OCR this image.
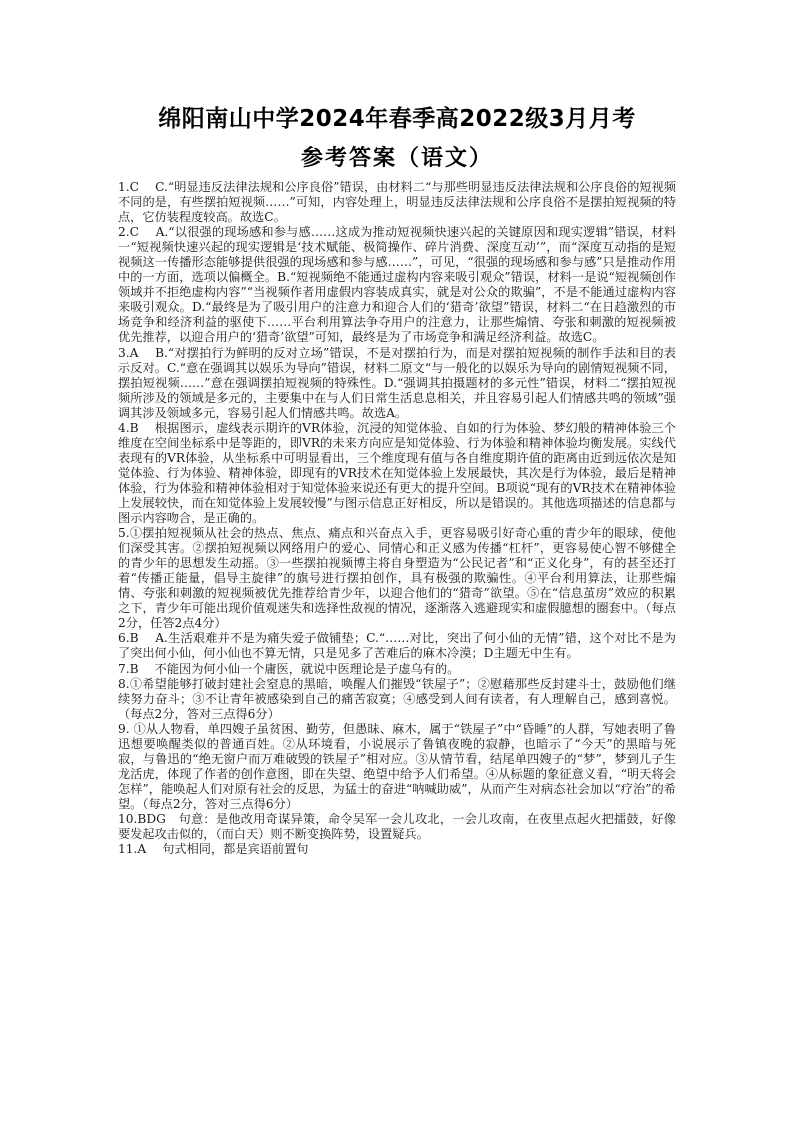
绵阳南山中学2024年春季高2022级3月月考
参考答案（语文）

1.C　 C.“明显违反法律法规和公序良俗”错误，由材料二“与那些明显违反法律法规和公序良俗的短视频不同的是，有些摆拍短视频……”可知，内容处理上，明显违反法律法规和公序良俗不是摆拍短视频的特点，它仿装程度较高。故选C。

2.C　 A.“以很强的现场感和参与感……这成为推动短视频快速兴起的关键原因和现实逻辑”错误，材料一“短视频快速兴起的现实逻辑是‘技术赋能、极简操作、碎片消费、深度互动’”，而“深度互动指的是短视频这一传播形态能够提供很强的现场感和参与感……”，可见，“很强的现场感和参与感”只是推动作用中的一方面，选项以偏概全。B.“短视频绝不能通过虚构内容来吸引观众”错误，材料一是说“短视频创作领域并不拒绝虚构内容”“当视频作者用虚假内容装成真实，就是对公众的欺骗”，不是不能通过虚构内容来吸引观众。D.“最终是为了吸引用户的注意力和迎合人们的‘猎奇’欲望”错误，材料二“在日趋激烈的市场竞争和经济利益的驱使下……平台利用算法争夺用户的注意力，让那些煽情、夸张和刺激的短视频被优先推荐，以迎合用户的‘猎奇’欲望”可知，最终是为了市场竞争和满足经济利益。故选C。

3.A　 B.“对摆拍行为鲜明的反对立场”错误，不是对摆拍行为，而是对摆拍短视频的制作手法和目的表示反对。C.“意在强调其以娱乐为导向”错误，材料二原文“与一般化的以娱乐为导向的剧情短视频不同，摆拍短视频……”意在强调摆拍短视频的特殊性。D.“强调其拍摄题材的多元性”错误，材料二“摆拍短视频所涉及的领域是多元的，主要集中在与人们日常生活息息相关，并且容易引起人们情感共鸣的领域”强调其涉及领域多元，容易引起人们情感共鸣。故选A。

4.B　 根据图示，虚线表示期许的VR体验，沉浸的知觉体验、自如的行为体验、梦幻般的精神体验三个维度在空间坐标系中是等距的，即VR的未来方向应是知觉体验、行为体验和精神体验均衡发展。实线代表现有的VR体验，从坐标系中可明显看出，三个维度现有值与各自维度期许值的距离由近到远依次是知觉体验、行为体验、精神体验，即现有的VR技术在知觉体验上发展最快，其次是行为体验，最后是精神体验，行为体验和精神体验相对于知觉体验来说还有更大的提升空间。B项说“现有的VR技术在精神体验上发展较快，而在知觉体验上发展较慢”与图示信息正好相反，所以是错误的。其他选项描述的信息都与图示内容吻合，是正确的。

5.①摆拍短视频从社会的热点、焦点、痛点和兴奋点入手，更容易吸引好奇心重的青少年的眼球，使他们深受其害。②摆拍短视频以网络用户的爱心、同情心和正义感为传播“杠杆”，更容易使心智不够健全的青少年的思想发生动摇。③一些摆拍视频博主将自身塑造为“公民记者”和“正义化身”，有的甚至还打着“传播正能量，倡导主旋律”的旗号进行摆拍创作，具有极强的欺骗性。④平台利用算法，让那些煽情、夸张和刺激的短视频被优先推荐给青少年，以迎合他们的“猎奇”欲望。⑤在“信息茧房”效应的积累之下，青少年可能出现价值观迷失和选择性敌视的情况，逐渐落入逃避现实和虚假臆想的圈套中。（每点2分，任答2点4分）

6.B　 A.生活艰难并不是为痛失爱子做铺垫；C.“……对比，突出了何小仙的无情”错，这个对比不是为了突出何小仙，何小仙也不算无情，只是见多了苦难后的麻木冷漠；D主题无中生有。

7.B　 不能因为何小仙一个庸医，就说中医理论是子虚乌有的。

8.①希望能够打破封建社会窒息的黑暗，唤醒人们摧毁“铁屋子”；②慰藉那些反封建斗士，鼓励他们继续努力奋斗；③不让青年被感染到自己的痛苦寂寞；④感受到人间有读者，有人理解自己，感到喜悦。（每点2分，答对三点得6分）

9. ①从人物看，单四嫂子虽贫困、勤劳，但愚昧、麻木，属于“铁屋子”中“昏睡”的人群，写她表明了鲁迅想要唤醒类似的普通百姓。②从环境看，小说展示了鲁镇夜晚的寂静，也暗示了“今天”的黑暗与死寂，与鲁迅的“绝无窗户而万难破毁的铁屋子”相对应。③从情节看，结尾单四嫂子的“梦”，梦到儿子生龙活虎，体现了作者的创作意图，即在失望、绝望中给予人们希望。④从标题的象征意义看，“明天将会怎样”，能唤起人们对原有社会的反思，为猛士的奋进“呐喊助威”，从而产生对病态社会加以“疗治”的希望。（每点2分，答对三点得6分）

10.BDG　句意：是他改用奇谋异策，命令吴军一会儿攻北，一会儿攻南，在夜里点起火把擂鼓，好像要发起攻击似的，（而白天）则不断变换阵势，设置疑兵。

11.A　 句式相同，都是宾语前置句
